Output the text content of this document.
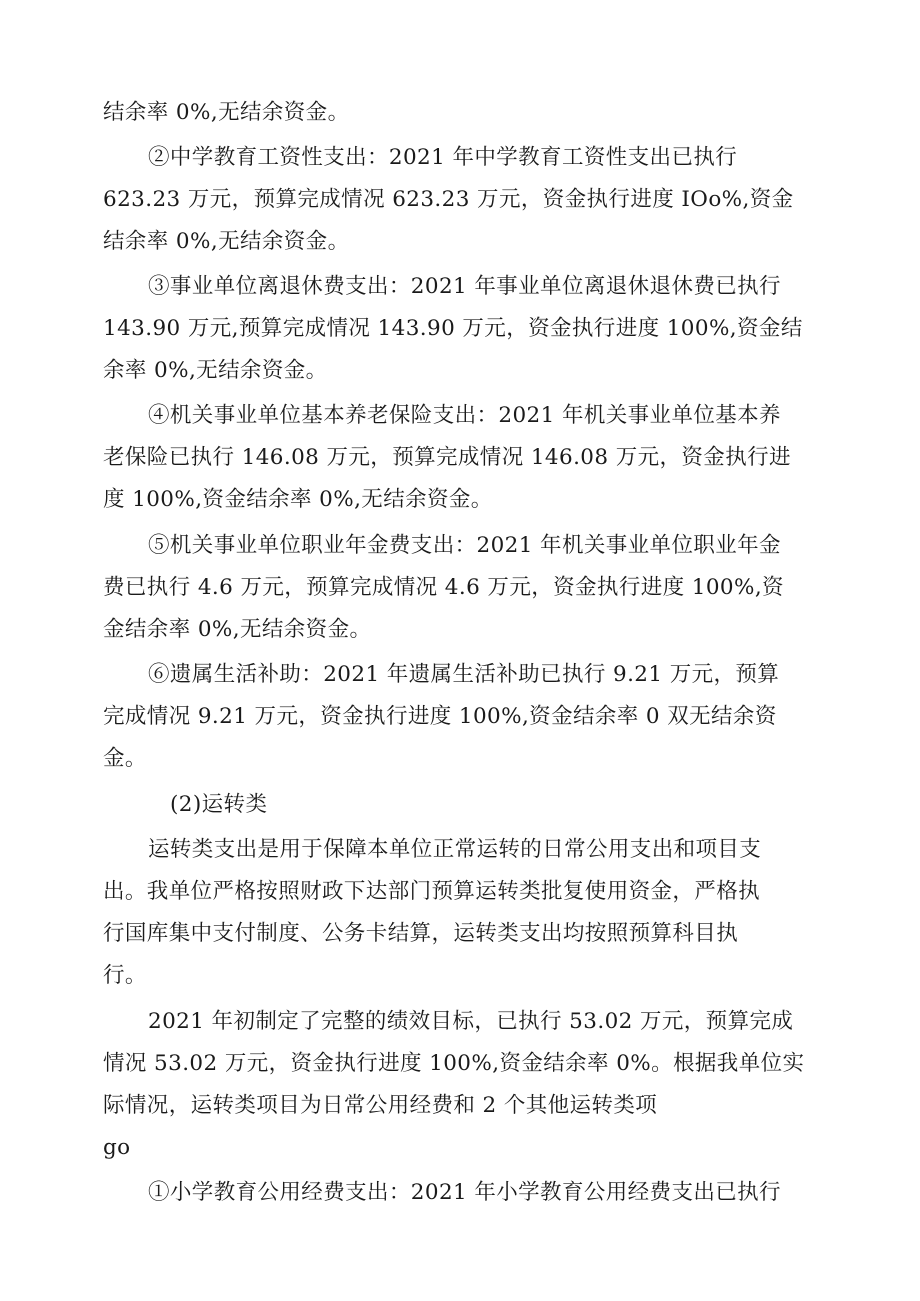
结余率 0%,无结余资金。
②中学教育工资性支出：2021 年中学教育工资性支出已执行
623.23 万元，预算完成情况 623.23 万元，资金执行进度 IOo%,资金
结余率 0%,无结余资金。
③事业单位离退休费支出：2021 年事业单位离退休退休费已执行
143.90 万元,预算完成情况 143.90 万元，资金执行进度 100%,资金结
余率 0%,无结余资金。
④机关事业单位基本养老保险支出：2021 年机关事业单位基本养
老保险已执行 146.08 万元，预算完成情况 146.08 万元，资金执行进
度 100%,资金结余率 0%,无结余资金。
⑤机关事业单位职业年金费支出：2021 年机关事业单位职业年金
费已执行 4.6 万元，预算完成情况 4.6 万元，资金执行进度 100%,资
金结余率 0%,无结余资金。
⑥遗属生活补助：2021 年遗属生活补助已执行 9.21 万元，预算
完成情况 9.21 万元，资金执行进度 100%,资金结余率 0 双无结余资
金。
(2)运转类
运转类支出是用于保障本单位正常运转的日常公用支出和项目支
出。我单位严格按照财政下达部门预算运转类批复使用资金，严格执
行国库集中支付制度、公务卡结算，运转类支出均按照预算科目执
行。
2021 年初制定了完整的绩效目标，已执行 53.02 万元，预算完成
情况 53.02 万元，资金执行进度 100%,资金结余率 0%。根据我单位实
际情况，运转类项目为日常公用经费和 2 个其他运转类项
go
①小学教育公用经费支出：2021 年小学教育公用经费支出已执行
